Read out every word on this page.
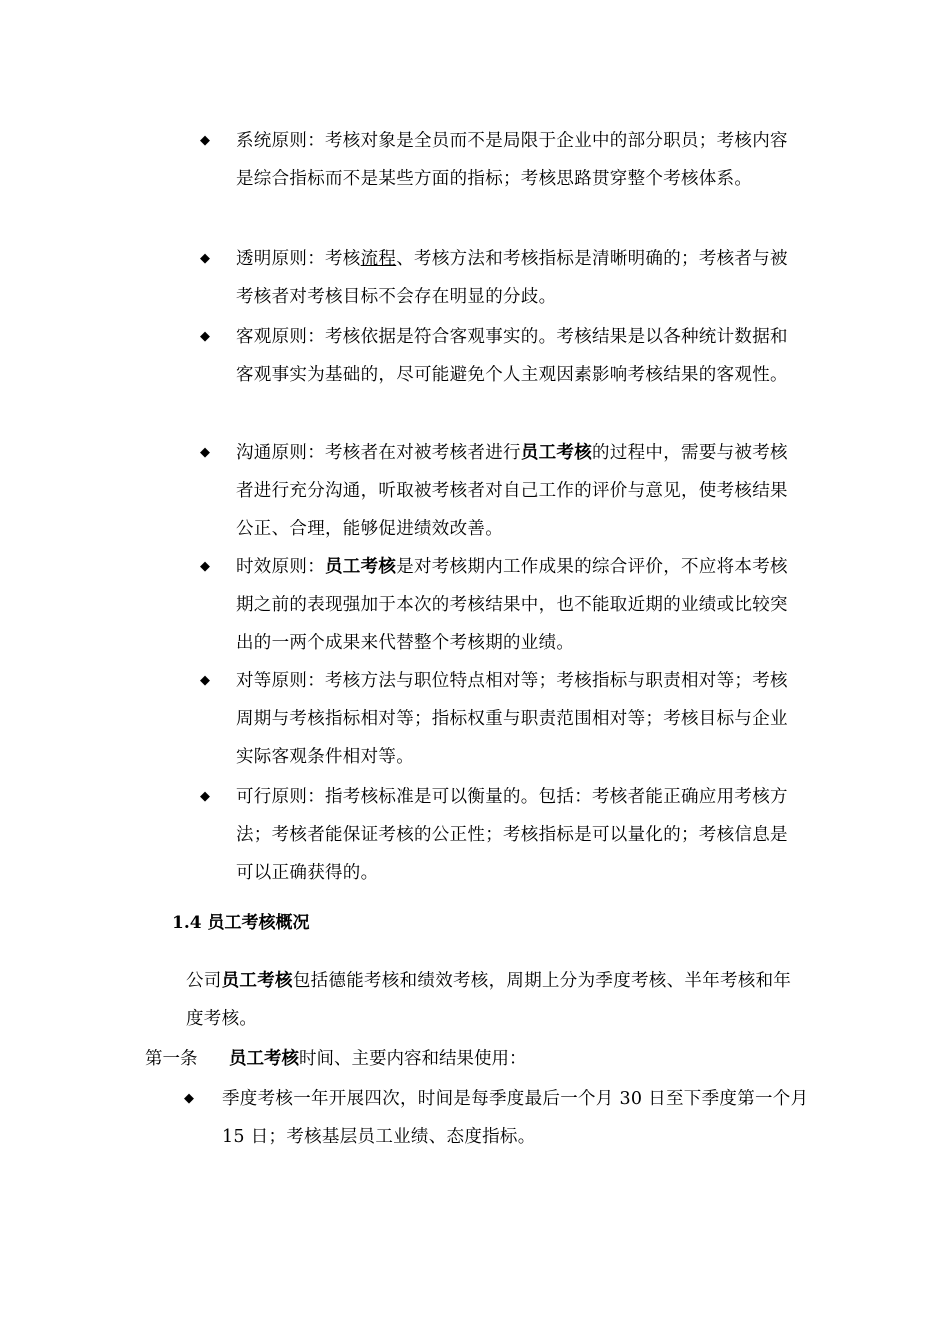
◆ 系统原则：考核对象是全员而不是局限于企业中的部分职员；考核内容是综合指标而不是某些方面的指标；考核思路贯穿整个考核体系。
◆ 透明原则：考核流程、考核方法和考核指标是清晰明确的；考核者与被考核者对考核目标不会存在明显的分歧。
◆ 客观原则：考核依据是符合客观事实的。考核结果是以各种统计数据和客观事实为基础的，尽可能避免个人主观因素影响考核结果的客观性。
◆ 沟通原则：考核者在对被考核者进行员工考核的过程中，需要与被考核者进行充分沟通，听取被考核者对自己工作的评价与意见，使考核结果公正、合理，能够促进绩效改善。
◆ 时效原则：员工考核是对考核期内工作成果的综合评价，不应将本考核期之前的表现强加于本次的考核结果中，也不能取近期的业绩或比较突出的一两个成果来代替整个考核期的业绩。
◆ 对等原则：考核方法与职位特点相对等；考核指标与职责相对等；考核周期与考核指标相对等；指标权重与职责范围相对等；考核目标与企业实际客观条件相对等。
◆ 可行原则：指考核标准是可以衡量的。包括：考核者能正确应用考核方法；考核者能保证考核的公正性；考核指标是可以量化的；考核信息是可以正确获得的。
1.4 员工考核概况
公司员工考核包括德能考核和绩效考核，周期上分为季度考核、半年考核和年度考核。
第一条 员工考核时间、主要内容和结果使用：
◆ 季度考核一年开展四次，时间是每季度最后一个月 30 日至下季度第一个月 15 日；考核基层员工业绩、态度指标。
